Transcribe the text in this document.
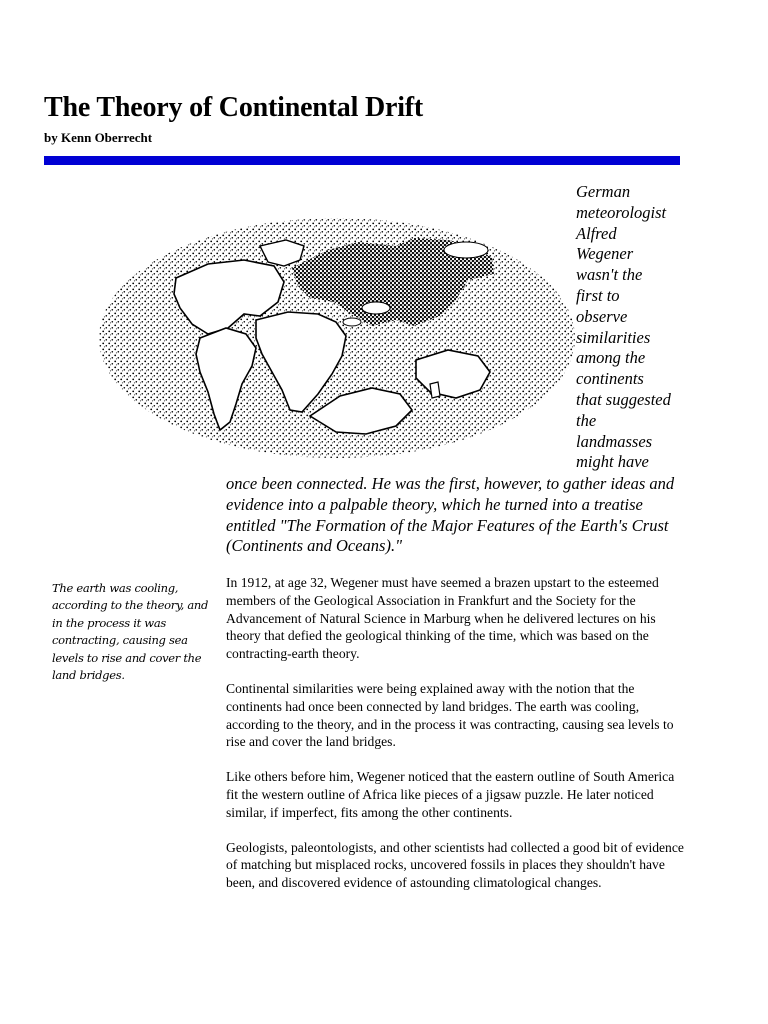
The Theory of Continental Drift
by Kenn Oberrecht
German
meteorologist
Alfred
Wegener
wasn't the
first to
observe
similarities
among the
continents
that suggested
the
landmasses
might have
once been connected. He was the first, however, to gather ideas and evidence into a palpable theory, which he turned into a treatise entitled "The Formation of the Major Features of the Earth's Crust (Continents and Oceans)."
The earth was cooling, according to the theory, and in the process it was contracting, causing sea levels to rise and cover the land bridges.

In 1912, at age 32, Wegener must have seemed a brazen upstart to the esteemed members of the Geological Association in Frankfurt and the Society for the Advancement of Natural Science in Marburg when he delivered lectures on his theory that defied the geological thinking of the time, which was based on the contracting-earth theory.

Continental similarities were being explained away with the notion that the continents had once been connected by land bridges. The earth was cooling, according to the theory, and in the process it was contracting, causing sea levels to rise and cover the land bridges.

Like others before him, Wegener noticed that the eastern outline of South America fit the western outline of Africa like pieces of a jigsaw puzzle. He later noticed similar, if imperfect, fits among the other continents.

Geologists, paleontologists, and other scientists had collected a good bit of evidence of matching but misplaced rocks, uncovered fossils in places they shouldn't have been, and discovered evidence of astounding climatological changes.
